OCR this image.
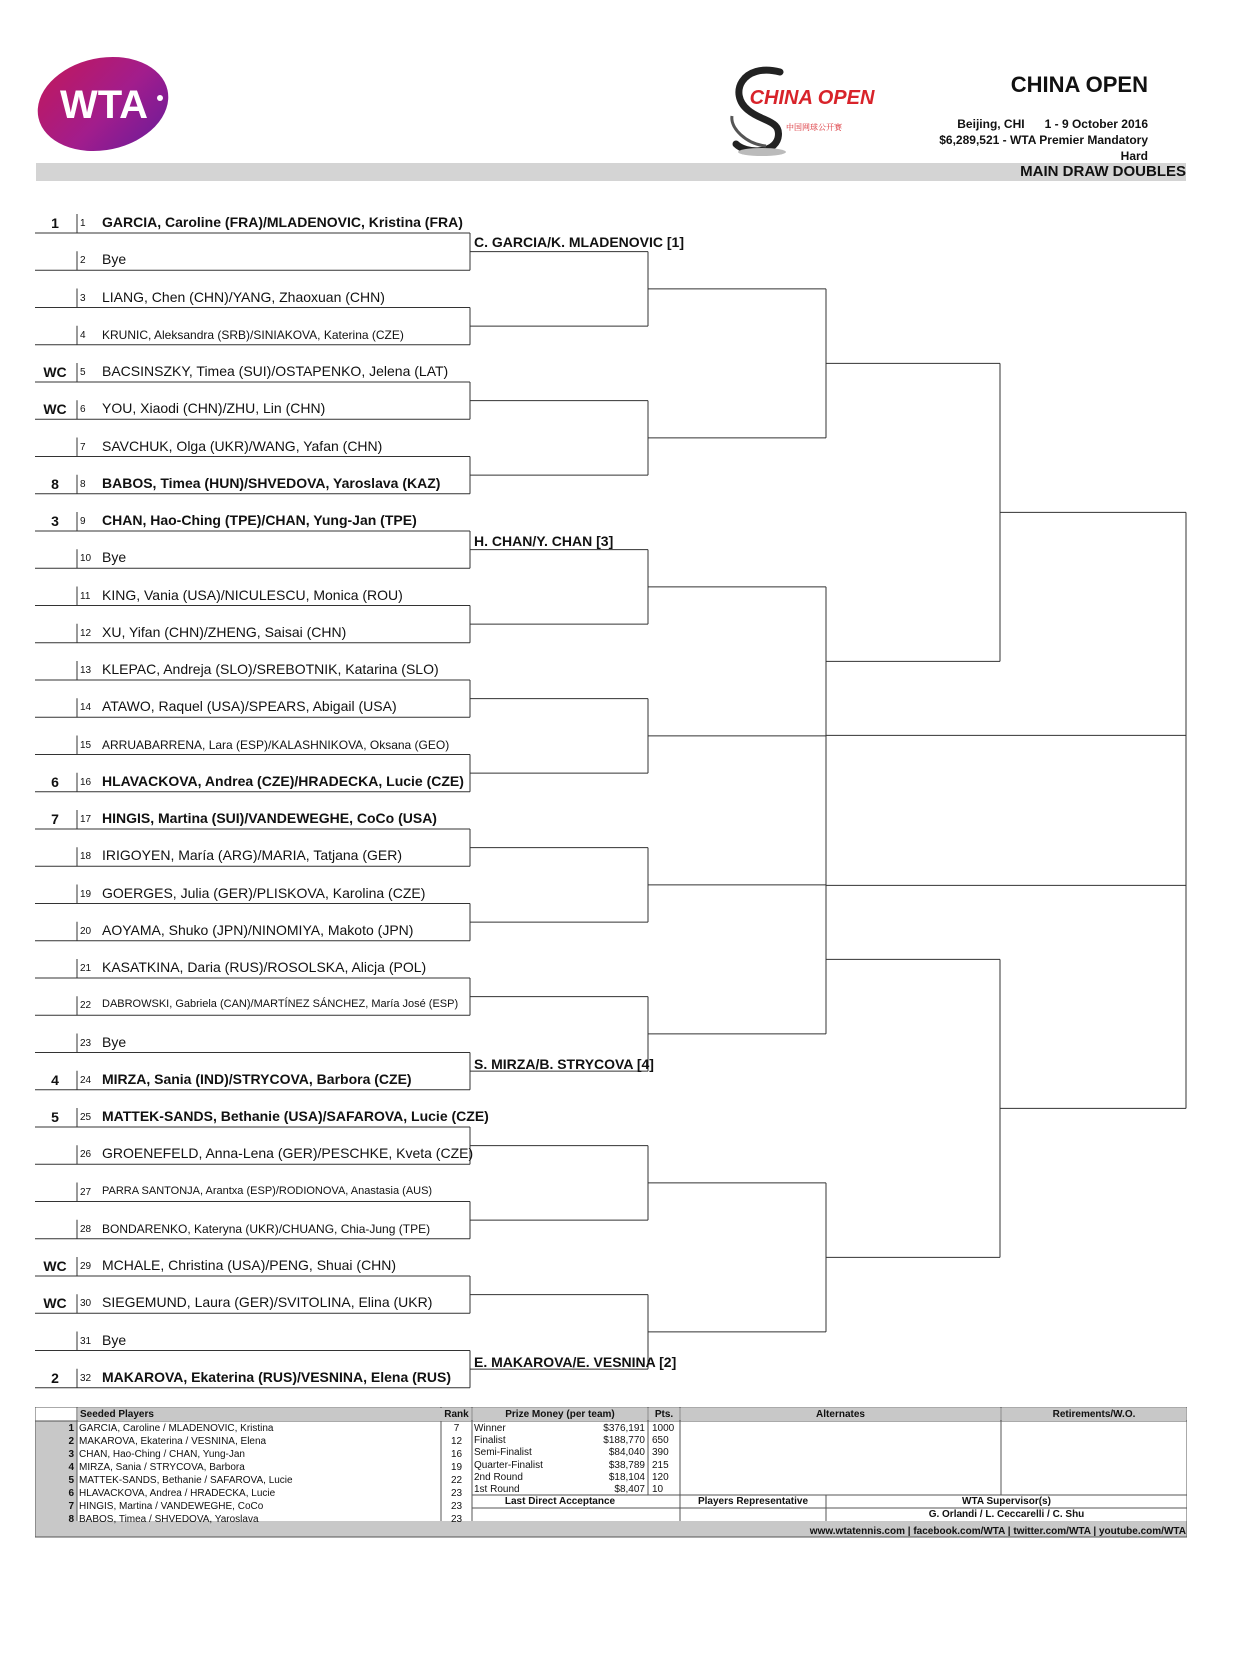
WTA	CHINA OPEN
中国网球公开赛
CHINA OPEN
Beijing, CHI 1 - 9 October 2016
$6,289,521 - WTA Premier Mandatory
Hard
MAIN DRAW DOUBLES
1	1 GARCIA, Caroline (FRA)/MLADENOVIC, Kristina (FRA)
2 Bye
3 LIANG, Chen (CHN)/YANG, Zhaoxuan (CHN)
4 KRUNIC, Aleksandra (SRB)/SINIAKOVA, Katerina (CZE)
WC	5 BACSINSZKY, Timea (SUI)/OSTAPENKO, Jelena (LAT)
WC	6 YOU, Xiaodi (CHN)/ZHU, Lin (CHN)
7 SAVCHUK, Olga (UKR)/WANG, Yafan (CHN)
8	8 BABOS, Timea (HUN)/SHVEDOVA, Yaroslava (KAZ)
3	9 CHAN, Hao-Ching (TPE)/CHAN, Yung-Jan (TPE)
10 Bye
11 KING, Vania (USA)/NICULESCU, Monica (ROU)
12 XU, Yifan (CHN)/ZHENG, Saisai (CHN)
13 KLEPAC, Andreja (SLO)/SREBOTNIK, Katarina (SLO)
14 ATAWO, Raquel (USA)/SPEARS, Abigail (USA)
15 ARRUABARRENA, Lara (ESP)/KALASHNIKOVA, Oksana (GEO)
6	16 HLAVACKOVA, Andrea (CZE)/HRADECKA, Lucie (CZE)
7	17 HINGIS, Martina (SUI)/VANDEWEGHE, CoCo (USA)
18 IRIGOYEN, María (ARG)/MARIA, Tatjana (GER)
19 GOERGES, Julia (GER)/PLISKOVA, Karolina (CZE)
20 AOYAMA, Shuko (JPN)/NINOMIYA, Makoto (JPN)
21 KASATKINA, Daria (RUS)/ROSOLSKA, Alicja (POL)
22 DABROWSKI, Gabriela (CAN)/MARTÍNEZ SÁNCHEZ, María José (ESP)
23 Bye
4	24 MIRZA, Sania (IND)/STRYCOVA, Barbora (CZE)
5	25 MATTEK-SANDS, Bethanie (USA)/SAFAROVA, Lucie (CZE)
26 GROENEFELD, Anna-Lena (GER)/PESCHKE, Kveta (CZE)
27 PARRA SANTONJA, Arantxa (ESP)/RODIONOVA, Anastasia (AUS)
28 BONDARENKO, Kateryna (UKR)/CHUANG, Chia-Jung (TPE)
WC	29 MCHALE, Christina (USA)/PENG, Shuai (CHN)
WC	30 SIEGEMUND, Laura (GER)/SVITOLINA, Elina (UKR)
31 Bye
2	32 MAKAROVA, Ekaterina (RUS)/VESNINA, Elena (RUS)
C. GARCIA/K. MLADENOVIC [1]
H. CHAN/Y. CHAN [3]
S. MIRZA/B. STRYCOVA [4]
E. MAKAROVA/E. VESNINA [2]
Seeded Players	Rank	Prize Money (per team)	Pts.	Alternates	Retirements/W.O.
1 GARCIA, Caroline / MLADENOVIC, Kristina	7
2 MAKAROVA, Ekaterina / VESNINA, Elena	12
3 CHAN, Hao-Ching / CHAN, Yung-Jan	16
4 MIRZA, Sania / STRYCOVA, Barbora	19
5 MATTEK-SANDS, Bethanie / SAFAROVA, Lucie	22
6 HLAVACKOVA, Andrea / HRADECKA, Lucie	23
7 HINGIS, Martina / VANDEWEGHE, CoCo	23
8 BABOS, Timea / SHVEDOVA, Yaroslava	23
Winner	$376,191 1000
Finalist	$188,770 650
Semi-Finalist	$84,040 390
Quarter-Finalist	$38,789 215
2nd Round	$18,104 120
1st Round	$8,407 10
Last Direct Acceptance	Players Representative	WTA Supervisor(s)
G. Orlandi / L. Ceccarelli / C. Shu
www.wtatennis.com | facebook.com/WTA | twitter.com/WTA | youtube.com/WTA
